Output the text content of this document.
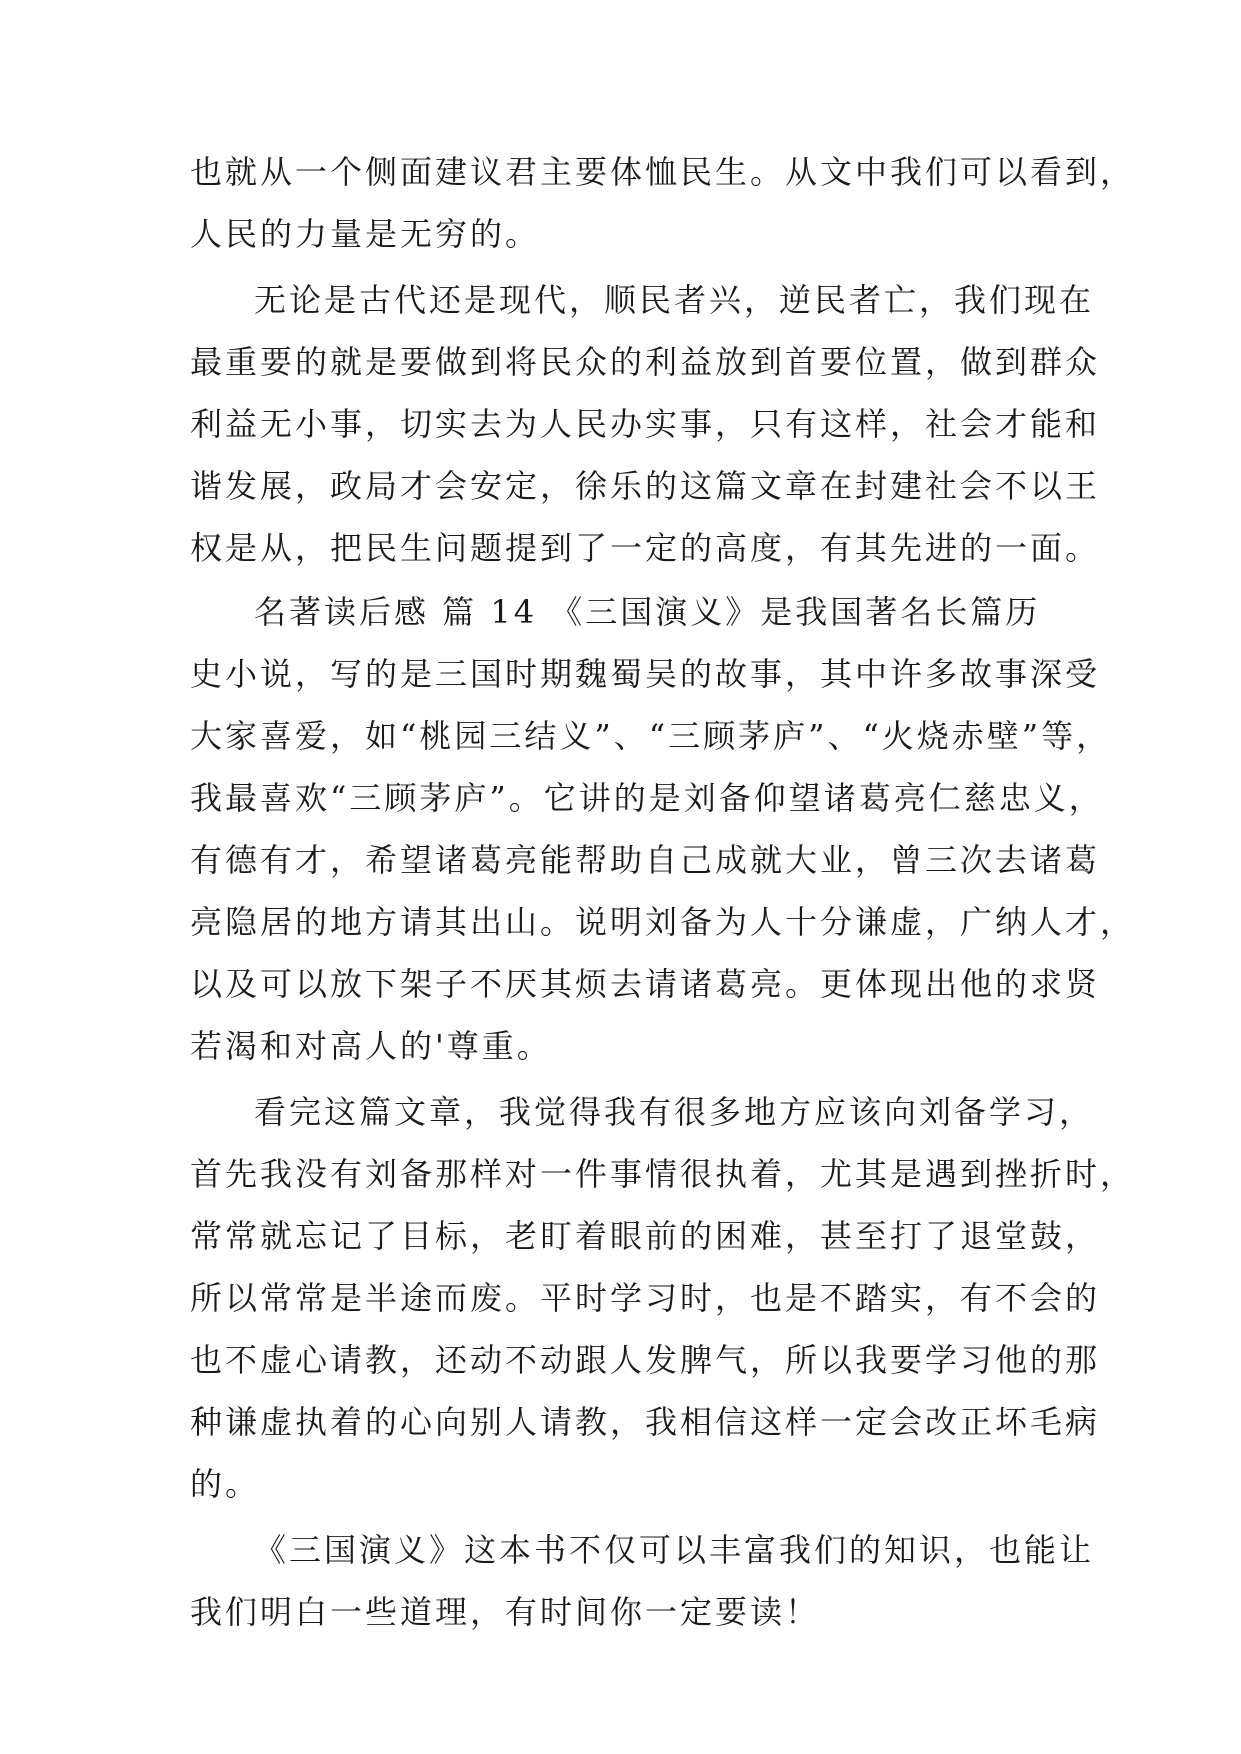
也就从一个侧面建议君主要体恤民生。从文中我们可以看到，
人民的力量是无穷的。
无论是古代还是现代，顺民者兴，逆民者亡，我们现在
最重要的就是要做到将民众的利益放到首要位置，做到群众
利益无小事，切实去为人民办实事，只有这样，社会才能和
谐发展，政局才会安定，徐乐的这篇文章在封建社会不以王
权是从，把民生问题提到了一定的高度，有其先进的一面。
名著读后感 篇 14 《三国演义》是我国著名长篇历
史小说，写的是三国时期魏蜀吴的故事，其中许多故事深受
大家喜爱，如“桃园三结义”、“三顾茅庐”、“火烧赤壁”等，
我最喜欢“三顾茅庐”。它讲的是刘备仰望诸葛亮仁慈忠义，
有德有才，希望诸葛亮能帮助自己成就大业，曾三次去诸葛
亮隐居的地方请其出山。说明刘备为人十分谦虚，广纳人才，
以及可以放下架子不厌其烦去请诸葛亮。更体现出他的求贤
若渴和对高人的'尊重。
看完这篇文章，我觉得我有很多地方应该向刘备学习，
首先我没有刘备那样对一件事情很执着，尤其是遇到挫折时，
常常就忘记了目标，老盯着眼前的困难，甚至打了退堂鼓，
所以常常是半途而废。平时学习时，也是不踏实，有不会的
也不虚心请教，还动不动跟人发脾气，所以我要学习他的那
种谦虚执着的心向别人请教，我相信这样一定会改正坏毛病
的。
《三国演义》这本书不仅可以丰富我们的知识，也能让
我们明白一些道理，有时间你一定要读！
